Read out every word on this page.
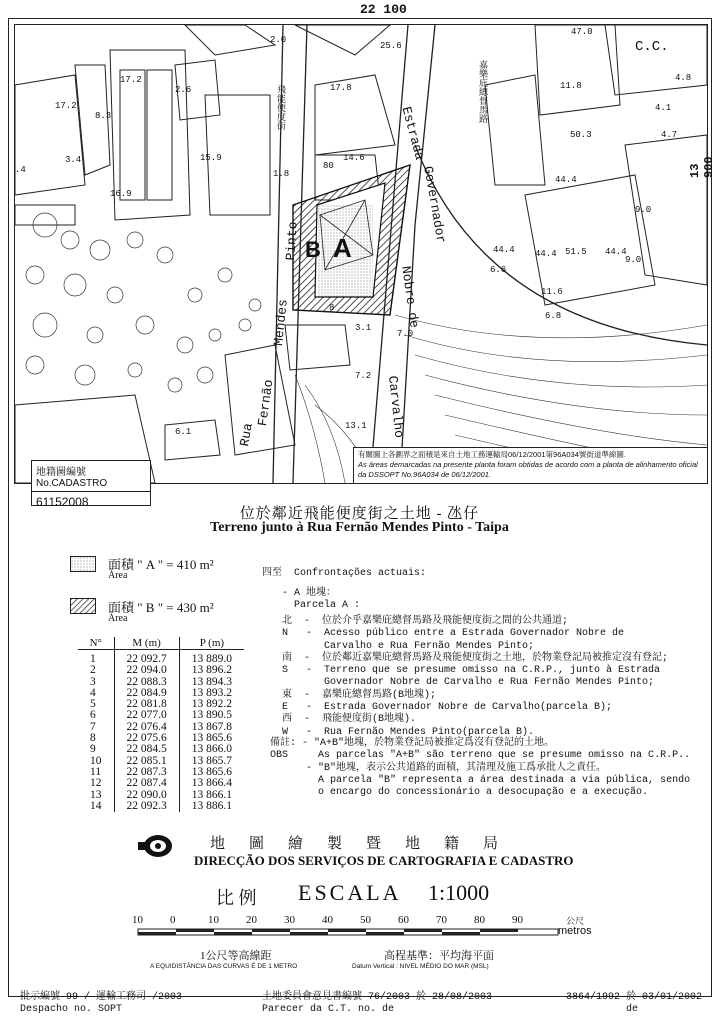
22 100
B A
C.C.
Estrada
Governador
Nobre de
Carvalho
Rua
Fernão
Mendes
Pinto
飛能便度街	嘉樂庇總督馬路
17.2
3.4
.4
8.3
17.2
2.6
15.9
16.9
2.0
25.6
17.8
14.6
1.8
80
44.4
11.8
50.3
4.1
4.7
9.0
44.4 44.4 51.5 44.4
9.0
6.6
11.6
6.8
7.0
3.1
7.2
6.1
13.1
47.0
4.8
8
地籍圖編號 No.CADASTRO
61152008
有關圖上各劃界之面積是來自土地工務運輸局06/12/2001第96A034號街道準線圖.
As áreas demarcadas na presente planta foram obtidas de acordo com a planta de alinhamento oficial da DSSOPT No.96A034 de 06/12/2001.
13 900
位於鄰近飛能便度街之土地 - 氹仔
Terreno junto à Rua Fernão Mendes Pinto - Taipa
面積 " A " = 410 m²
Área
面積 " B " = 430 m²
Área
N°	M (m)	P (m)
1	22 092.7	13 889.0
2	22 094.0	13 896.2
3	22 088.3	13 894.3
4	22 084.9	13 893.2
5	22 081.8	13 892.2
6	22 077.0	13 890.5
7	22 076.4	13 867.8
8	22 075.6	13 865.6
9	22 084.5	13 866.0
10	22 085.1	13 865.7
11	22 087.3	13 865.6
12	22 087.4	13 866.4
13	22 090.0	13 866.1
14	22 092.3	13 886.1
四至  Confrontações actuais:
- A 地塊：
Parcela A :
北  -  位於介乎嘉樂庇總督馬路及飛能便度街之間的公共通道;
N   -  Acesso público entre a Estrada Governador Nobre de
Carvalho e Rua Fernão Mendes Pinto;
南  -  位於鄰近嘉樂庇總督馬路及飛能便度街之土地，於物業登記局被推定沒有登記;
S   -  Terreno que se presume omisso na C.R.P., junto à Estrada
Governador Nobre de Carvalho e Rua Fernão Mendes Pinto;
東  -  嘉樂庇總督馬路(B地塊);
E   -  Estrada Governador Nobre de Carvalho(parcela B);
西  -  飛能便度街(B地塊).
W   -  Rua Fernão Mendes Pinto(parcela B).
備註: - "A+B"地塊，於物業登記局被推定爲沒有登記的土地。
OBS     As parcelas "A+B" são terreno que se presume omisso na C.R.P..
- "B"地塊，表示公共道路的面積，其清理及施工爲承批人之責任。
A parcela "B" representa a área destinada a via pública, sendo
o encargo do concessionário a desocupação e a execução.
地圖繪製暨地籍局
DIRECÇÃO DOS SERVIÇOS DE CARTOGRAFIA E CADASTRO
比 例 ESCALA 1:1000
10 0	10 20 30 40 50 60 70 80 90	公尺
metros
1公尺等高線距
A EQUIDISTÂNCIA DAS CURVAS É DE 1 METRO
高程基準：平均海平面
Datum Vertical : NIVEL MÉDIO DO MAR (MSL)
批示編號 99 / 運輸工務司 /2003
Despacho no. SOPT
土地委員會意見書編號 76/2003 於 28/08/2003
Parecer da C.T. no. de
3864/1992 於 03/01/2002
de
